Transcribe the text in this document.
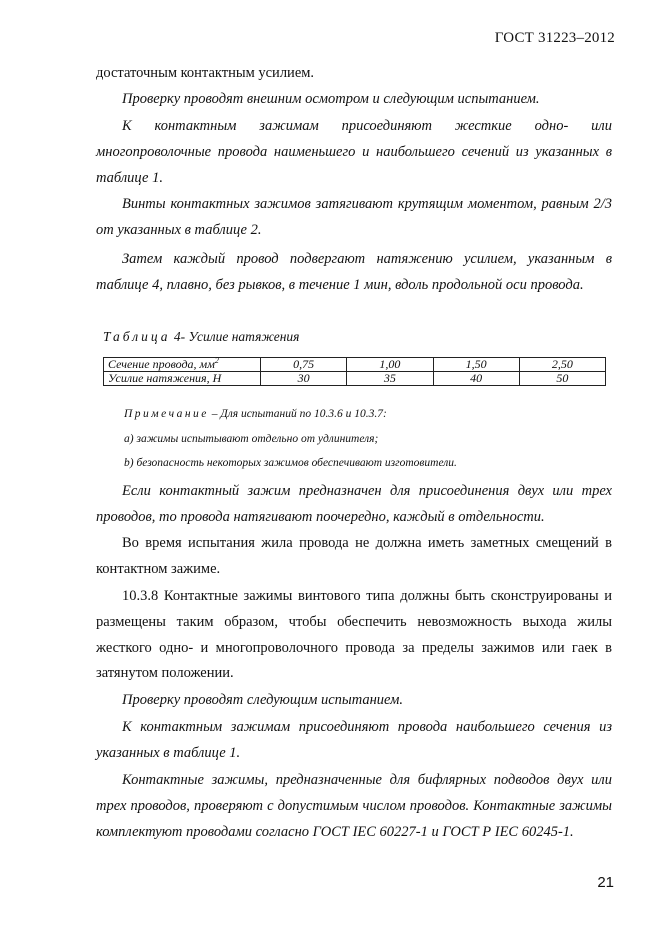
ГОСТ 31223–2012
достаточным контактным усилием.
Проверку проводят внешним осмотром и следующим испытанием.
К контактным зажимам присоединяют жесткие одно- или многопроволочные провода наименьшего и наибольшего сечений из указанных в таблице 1.
Винты контактных зажимов затягивают крутящим моментом, равным 2/3 от указанных в таблице 2.
Затем каждый провод подвергают натяжению усилием, указанным в таблице 4, плавно, без рывков, в течение 1 мин, вдоль продольной оси провода.
Таблица 4- Усилие натяжения
Сечение провода, $мм^2$	0,75	1,00	1,50	2,50
Усилие натяжения, Н	30	35	40	50
Примечание – Для испытаний по 10.3.6 и 10.3.7:
a) зажимы испытывают отдельно от удлинителя;
b) безопасность некоторых зажимов обеспечивают изготовители.
Если контактный зажим предназначен для присоединения двух или трех проводов, то провода натягивают поочередно, каждый в отдельности.
Во время испытания жила провода не должна иметь заметных смещений в контактном зажиме.
10.3.8 Контактные зажимы винтового типа должны быть сконструированы и размещены таким образом, чтобы обеспечить невозможность выхода жилы жесткого одно- и многопроволочного провода за пределы зажимов или гаек в затянутом положении.
Проверку проводят следующим испытанием.
К контактным зажимам присоединяют провода наибольшего сечения из указанных в таблице 1.
Контактные зажимы, предназначенные для бифлярных подводов двух или трех проводов, проверяют с допустимым числом проводов. Контактные зажимы комплектуют проводами согласно ГОСТ IEC 60227-1 и ГОСТ Р IEC 60245-1.
21
